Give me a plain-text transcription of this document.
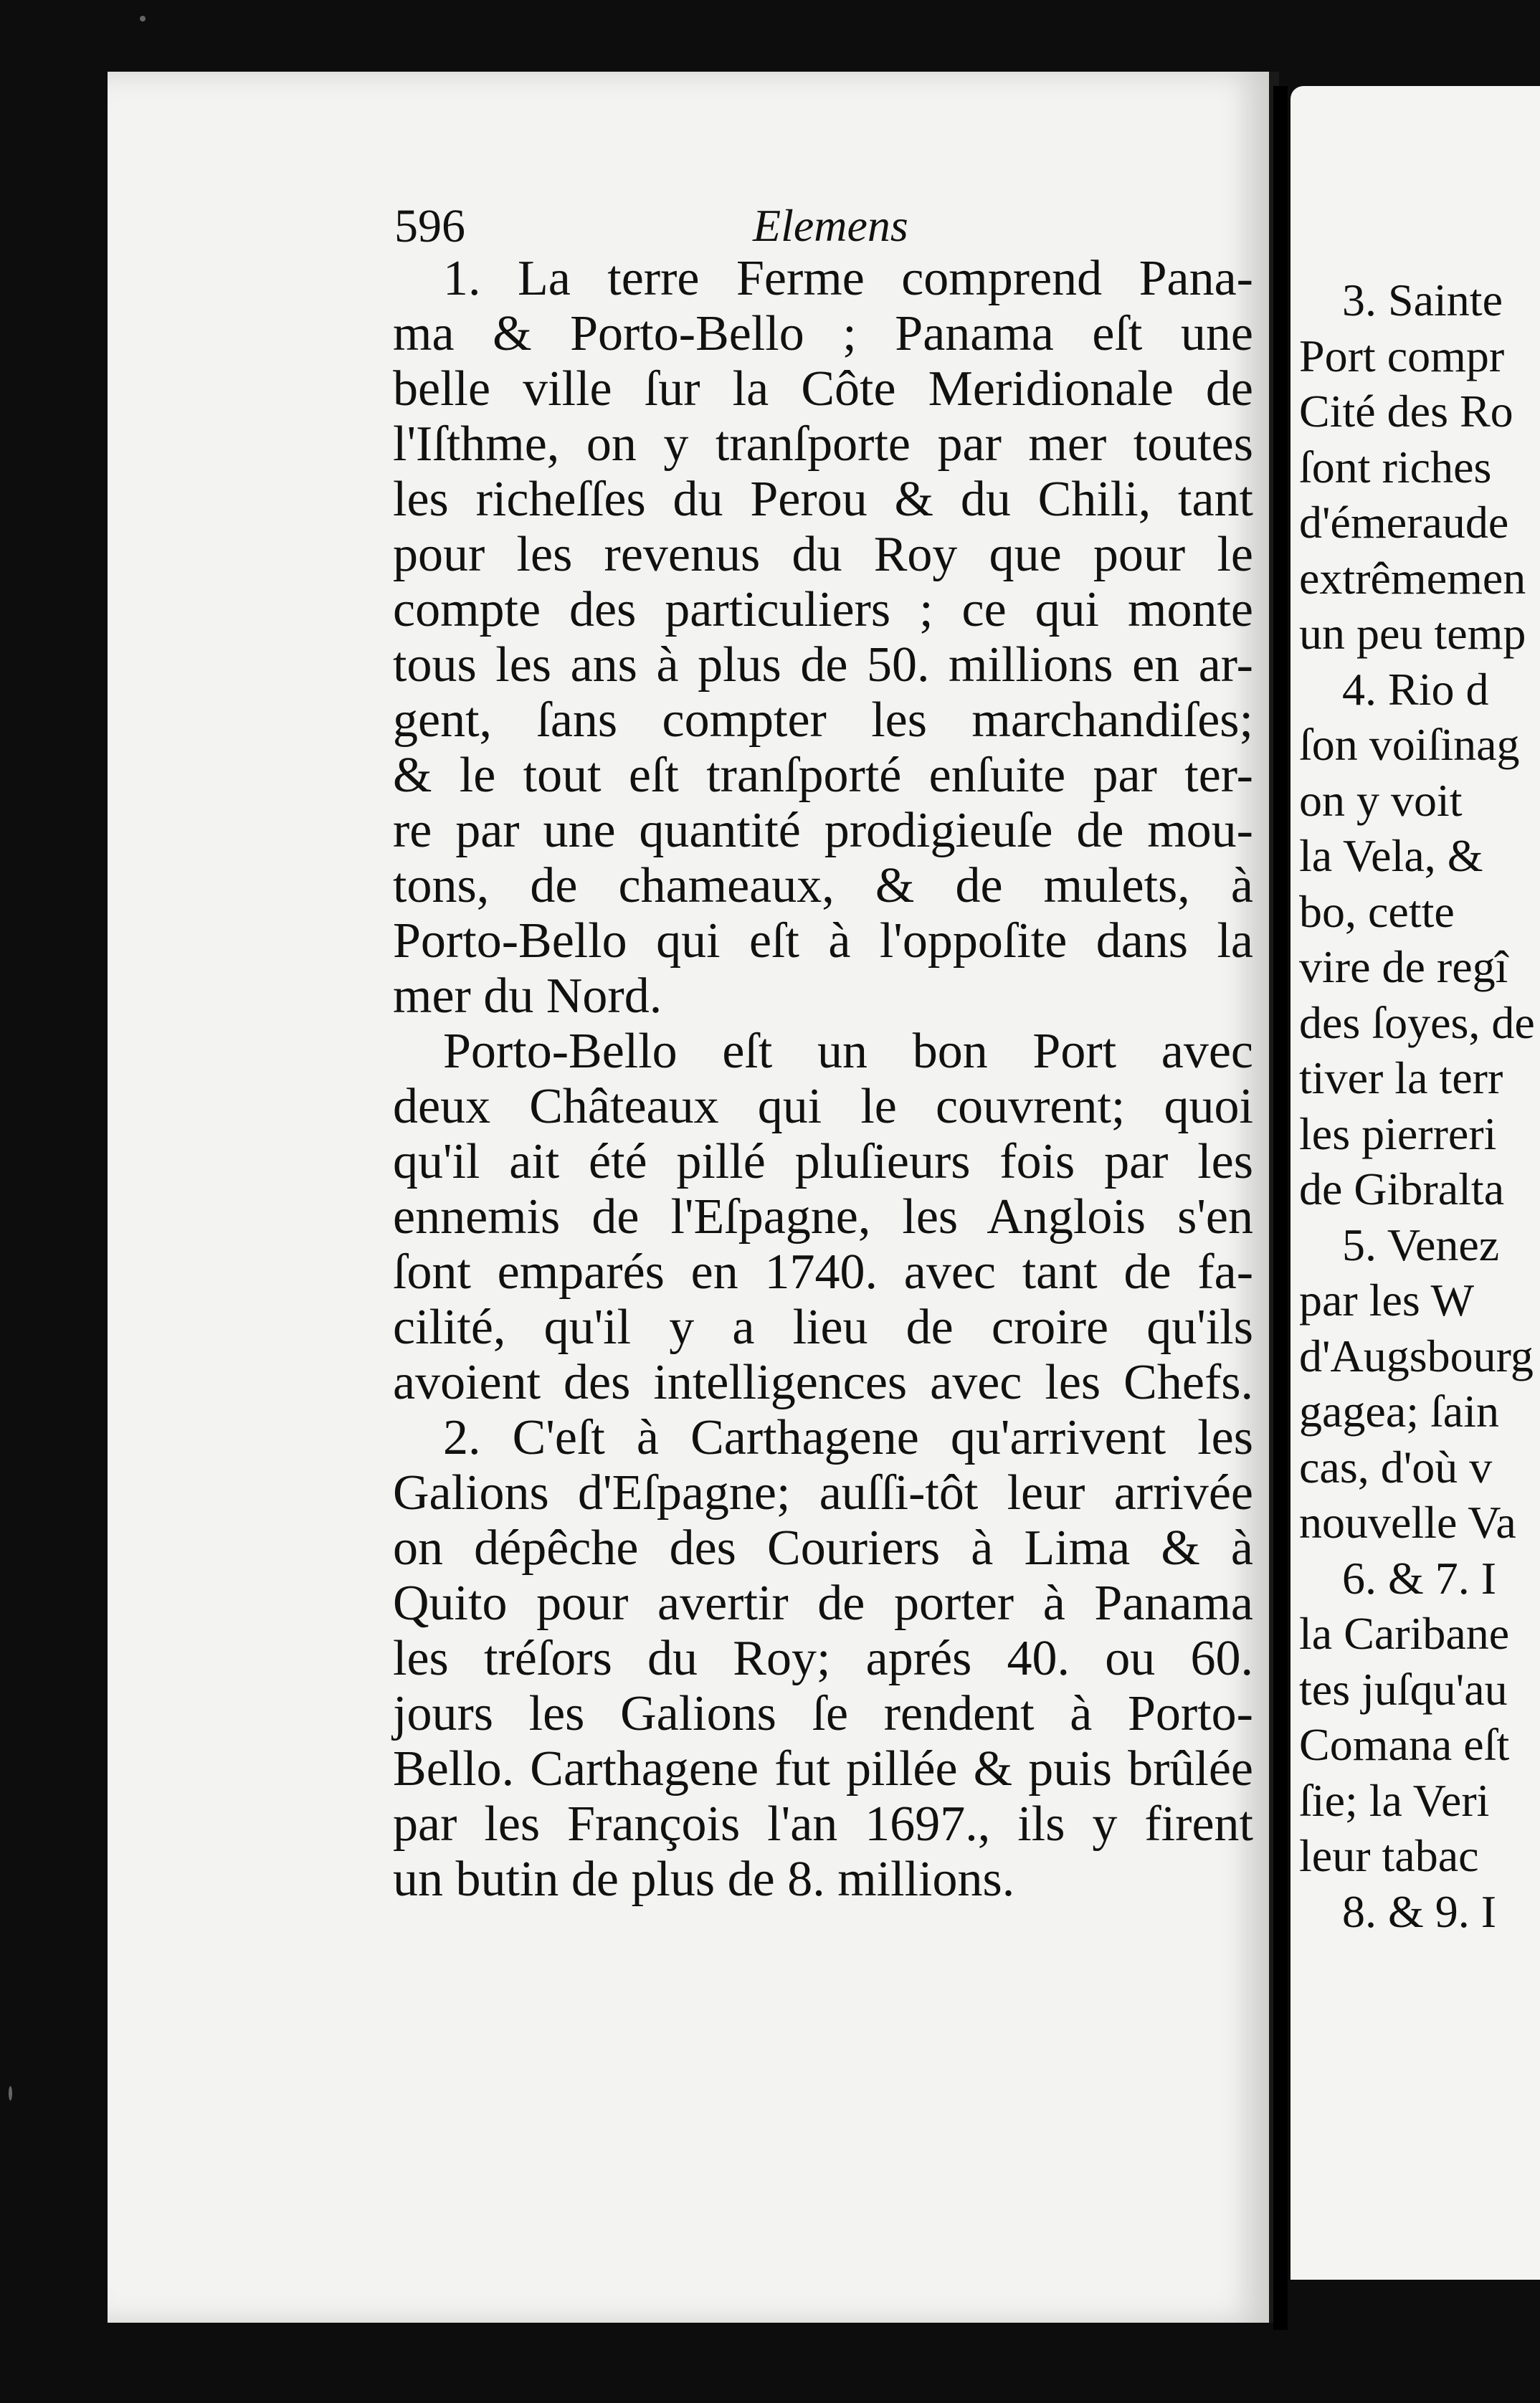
596	Elemens
1. La terre Ferme comprend Pana-
ma & Porto-Bello ; Panama eſt une
belle ville ſur la Côte Meridionale de
l'Iſthme, on y tranſporte par mer toutes
les richeſſes du Perou & du Chili, tant
pour les revenus du Roy que pour le
compte des particuliers ; ce qui monte
tous les ans à plus de 50. millions en ar-
gent, ſans compter les marchandiſes;
& le tout eſt tranſporté enſuite par ter-
re par une quantité prodigieuſe de mou-
tons, de chameaux, & de mulets, à
Porto-Bello qui eſt à l'oppoſite dans la
mer du Nord.
Porto-Bello eſt un bon Port avec
deux Châteaux qui le couvrent; quoi
qu'il ait été pillé pluſieurs fois par les
ennemis de l'Eſpagne, les Anglois s'en
ſont emparés en 1740. avec tant de fa-
cilité, qu'il y a lieu de croire qu'ils
avoient des intelligences avec les Chefs.
2. C'eſt à Carthagene qu'arrivent les
Galions d'Eſpagne; auſſi-tôt leur arrivée
on dépêche des Couriers à Lima & à
Quito pour avertir de porter à Panama
les tréſors du Roy; aprés 40. ou 60.
jours les Galions ſe rendent à Porto-
Bello. Carthagene fut pillée & puis brûlée
par les François l'an 1697., ils y firent
un butin de plus de 8. millions.
3. Sainte
Port compr
Cité des Ro
ſont riches
d'émeraude
extrêmemen
un peu temp
4. Rio d
ſon voiſinag
on y voit
la Vela, &
bo, cette
vire de regî
des ſoyes, de
tiver la terr
les pierreri
de Gibralta
5. Venez
par les W
d'Augsbourg
gagea; ſain
cas, d'où v
nouvelle Va
6. & 7. I
la Caribane
tes juſqu'au
Comana eſt
ſie; la Veri
leur tabac
8. & 9. I
